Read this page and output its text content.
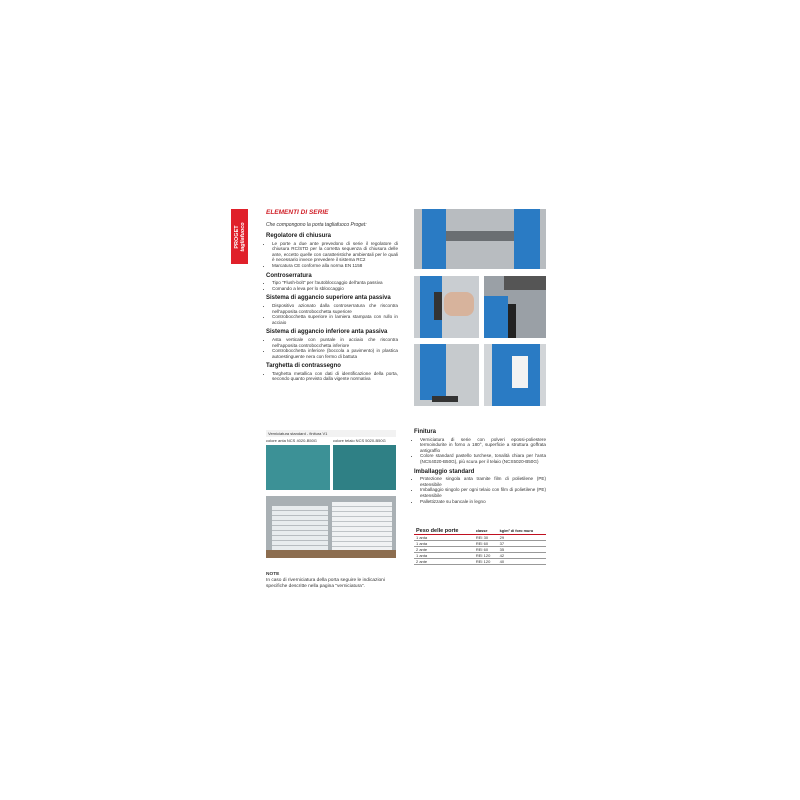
PROGET
tagliafuoco
ELEMENTI DI SERIE
Che compongono la porta tagliafuoco Proget:
Regolatore di chiusura
• Le porte a due ante prevedono di serie il regolatore di chiusura RC/STD per la corretta sequenza di chiusura delle ante, eccetto quelle con caratteristiche ambientali per le quali è necessario invece prevedere il sistema RC2
• Marcatura CE conforme alla norma EN 1158
Controserratura
• Tipo "Flush-bolt" per l'autobloccaggio dell'anta passiva
• Comando a leva per lo sbloccaggio
Sistema di aggancio superiore anta passiva
• Dispositivo azionato dalla controserratura che riscontra nell'apposita controbocchetta superiore
• Controbocchetta superiore in lamiera stampata con rullo in acciaio
Sistema di aggancio inferiore anta passiva
• Asta verticale con puntale in acciaio che riscontra nell'apposita controbocchetta inferiore
• Controbocchetta inferiore (boccola a pavimento) in plastica autoestinguente nera con fermo di battuta
Targhetta di contrassegno
• Targhetta metallica con dati di identificazione della porta, secondo quanto previsto dalla vigente normativa
Verniciatura standard - finitura V1
colore anta NCS 4020-B50G	colore telaio NCS 5020-B50G
NOTE
In caso di riverniciatura della porta seguire le indicazioni specifiche descritte nella pagina "verniciatura".
Finitura
• Verniciatura di serie con polveri epossi-poliestere termoindurite in forno a 180°, superficie a struttura goffrata antigraffio
• Colore standard pastello turchese, tonalità chiara per l'anta (NCS4020-B50G), più scura per il telaio (NCS5020-B50G)
Imballaggio standard
• Protezione singola anta tramite film di polietilene (PE) estensibile
• Imballaggio singolo per ogni telaio con film di polietilene (PE) estensibile
• Pallettizzate su bancale in legno
Peso delle porte	classe	kg/m² di foro muro
1 anta	REI 30	29
1 anta	REI 60	37
2 ante	REI 60	35
1 anta	REI 120	42
2 ante	REI 120	40
